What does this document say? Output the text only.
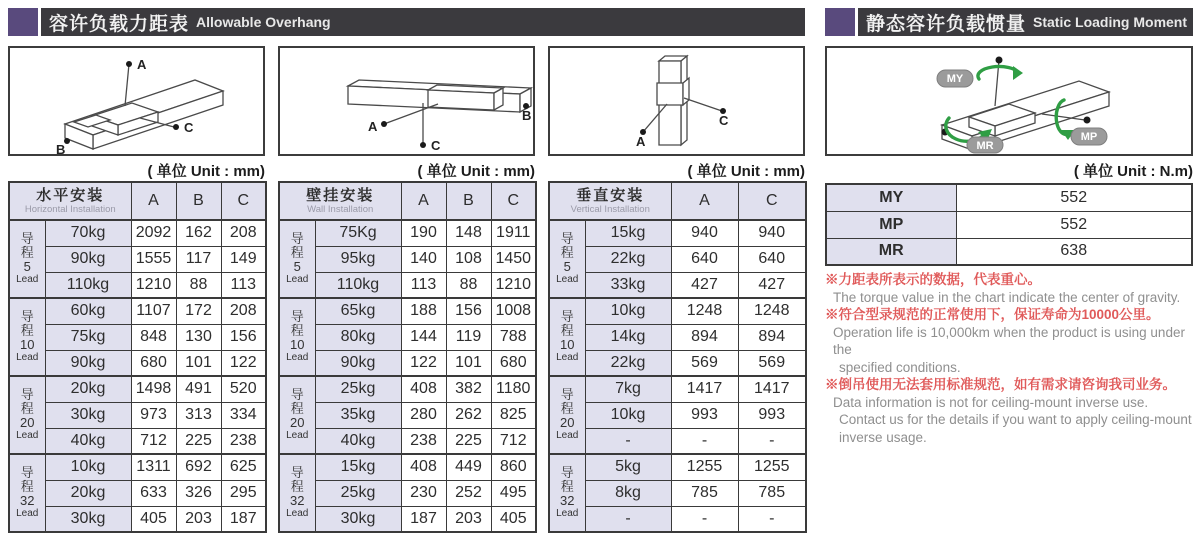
容许负载力距表 Allowable Overhang	静态容许负载惯量 Static Loading Moment
A
B
C	A
C
B
A
C
MY
MP
MR
( 单位 Unit : mm)	( 单位 Unit : mm)	( 单位 Unit : mm)	( 单位 Unit : N.m)
水平安装
Horizontal Installation		A	B	C

导
程
5
Lead	70kg	2092	162	208
	90kg	1555	117	149
	110kg	1210	88	113

导
程
10
Lead	60kg	1107	172	208
	75kg	848	130	156
	90kg	680	101	122

导
程
20
Lead	20kg	1498	491	520
	30kg	973	313	334
	40kg	712	225	238

导
程
32
Lead	10kg	1311	692	625
	20kg	633	326	295
	30kg	405	203	187
壁挂安装
Wall Installation		A	B	C

导
程
5
Lead	75Kg	190	148	1911
	95kg	140	108	1450
	110kg	113	88	1210

导
程
10
Lead	65kg	188	156	1008
	80kg	144	119	788
	90kg	122	101	680

导
程
20
Lead	25kg	408	382	1180
	35kg	280	262	825
	40kg	238	225	712

导
程
32
Lead	15kg	408	449	860
	25kg	230	252	495
	30kg	187	203	405
垂直安装
Vertical Installation		A	C

导
程
5
Lead	15kg	940	940
	22kg	640	640
	33kg	427	427

导
程
10
Lead	10kg	1248	1248
	14kg	894	894
	22kg	569	569

导
程
20
Lead	7kg	1417	1417
	10kg	993	993
	-	-	-

导
程
32
Lead	5kg	1255	1255
	8kg	785	785
	-	-	-
MY	552
MP	552
MR	638
※力距表所表示的数据，代表重心。
The torque value in the chart indicate the center of gravity.
※符合型录规范的正常使用下，保证寿命为10000公里。
Operation life is 10,000km when the product is using under the
specified conditions.
※倒吊使用无法套用标准规范，如有需求请咨询我司业务。
Data information is not for ceiling-mount inverse use.
Contact us for the details if you want to apply ceiling-mount
inverse usage.
